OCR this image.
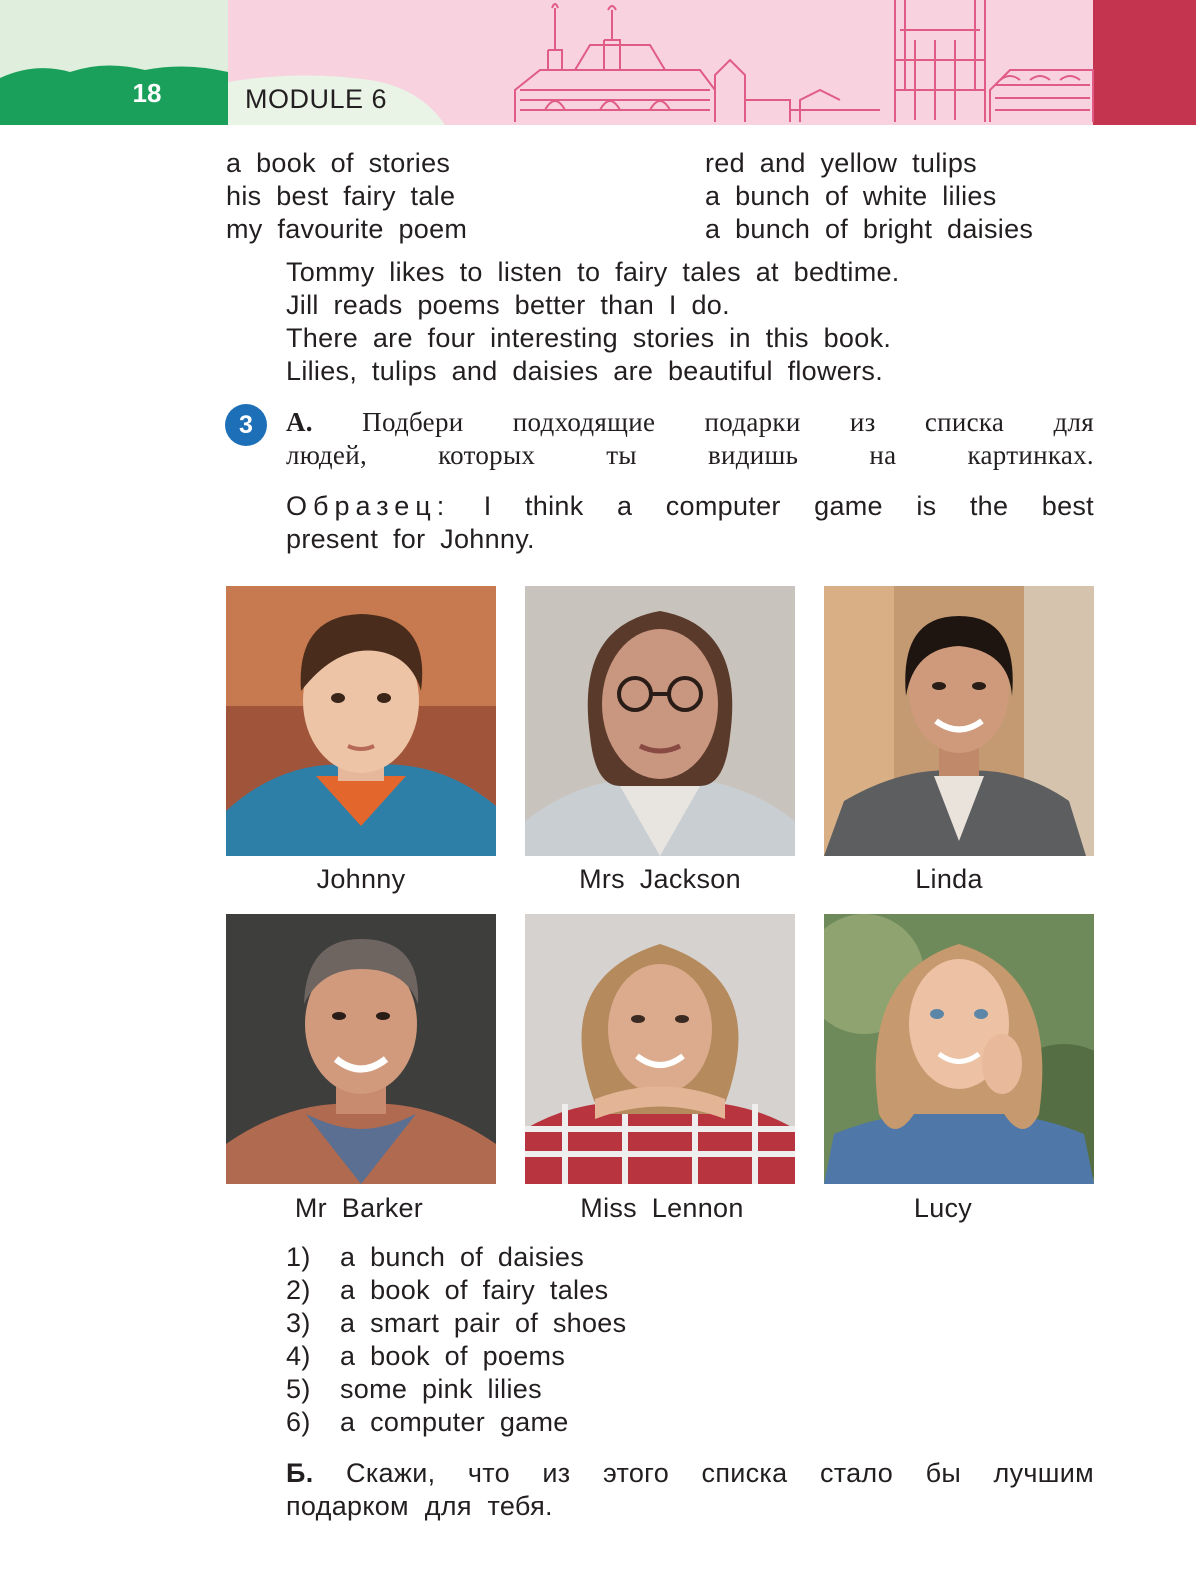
18	MODULE 6
a book of stories
his best fairy tale
my favourite poem
red and yellow tulips
a bunch of white lilies
a bunch of bright daisies
Tommy likes to listen to fairy tales at bedtime.
Jill reads poems better than I do.
There are four interesting stories in this book.
Lilies, tulips and daisies are beautiful flowers.
3	А. Подбери подходящие подарки из списка для
людей, которых ты видишь на картинках.
Образец: I think a computer game is the best
present for Johnny.
Johnny	Mrs Jackson	Linda
Mr Barker	Miss Lennon	Lucy
1) a bunch of daisies
2) a book of fairy tales
3) a smart pair of shoes
4) a book of poems
5) some pink lilies
6) a computer game
Б. Скажи, что из этого списка стало бы лучшим
подарком для тебя.
